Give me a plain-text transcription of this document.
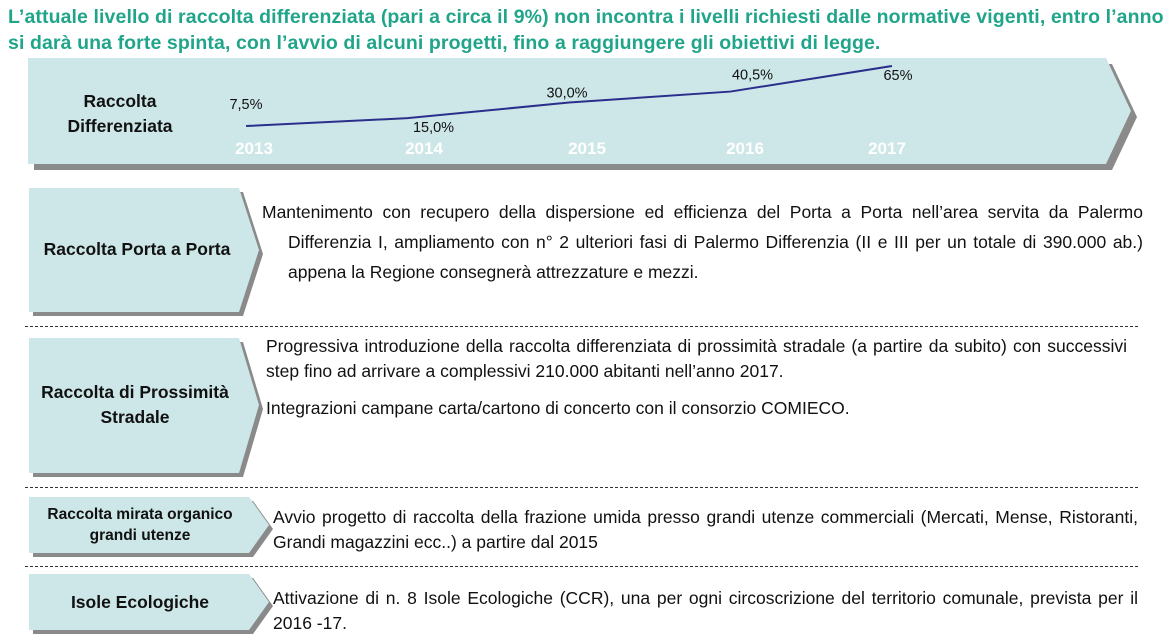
L’attuale livello di raccolta differenziata (pari a circa il 9%) non incontra i livelli richiesti dalle normative vigenti, entro l’anno si darà una forte spinta, con l’avvio di alcuni progetti, fino a raggiungere gli obiettivi di legge.
Raccolta Differenziata
7,5%
15,0%
30,0%
40,5%	65%
2013	2014	2015	2016	2017
Raccolta Porta a Porta

Mantenimento con recupero della dispersione ed efficienza del Porta a Porta nell’area servita da Palermo Differenzia I, ampliamento con n° 2 ulteriori fasi di Palermo Differenzia (II e III per un totale di 390.000 ab.) appena la Regione consegnerà attrezzature e mezzi.

Raccolta di Prossimità Stradale

Progressiva introduzione della raccolta differenziata di prossimità stradale (a partire da subito) con successivi step fino ad arrivare a complessivi 210.000 abitanti nell’anno 2017.

Integrazioni campane carta/cartono di concerto con il consorzio COMIECO.

Raccolta mirata organico grandi utenze

Avvio progetto di raccolta della frazione umida presso grandi utenze commerciali (Mercati, Mense, Ristoranti, Grandi magazzini ecc..) a partire dal 2015

Isole Ecologiche	Attivazione di n. 8 Isole Ecologiche (CCR), una per ogni circoscrizione del territorio comunale, prevista per il 2016 -17.
